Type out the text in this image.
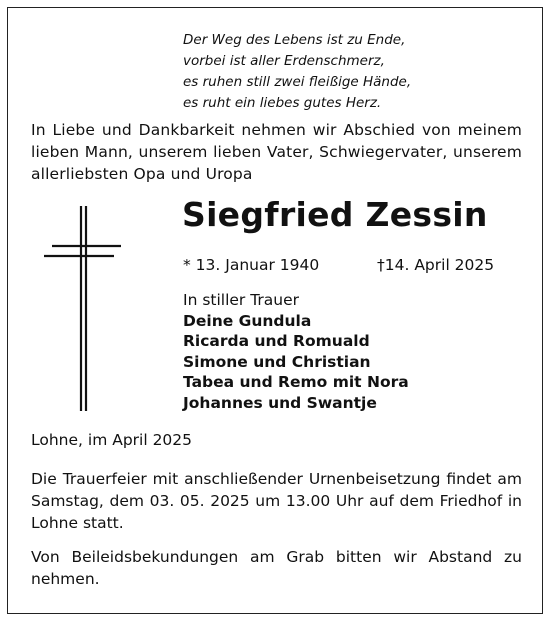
Der Weg des Lebens ist zu Ende,
vorbei ist aller Erdenschmerz,
es ruhen still zwei fleißige Hände,
es ruht ein liebes gutes Herz.
In Liebe und Dankbarkeit nehmen wir Abschied von meinem lieben Mann, unserem lieben Vater, Schwiegervater, unserem allerliebsten Opa und Uropa
Siegfried Zessin
* 13. Januar 1940	†14. April 2025
In stiller Trauer
Deine Gundula
Ricarda und Romuald
Simone und Christian
Tabea und Remo mit Nora
Johannes und Swantje
Lohne, im April 2025
Die Trauerfeier mit anschließender Urnenbeisetzung findet am Samstag, dem 03. 05. 2025 um 13.00 Uhr auf dem Friedhof in Lohne statt.
Von Beileidsbekundungen am Grab bitten wir Abstand zu nehmen.
